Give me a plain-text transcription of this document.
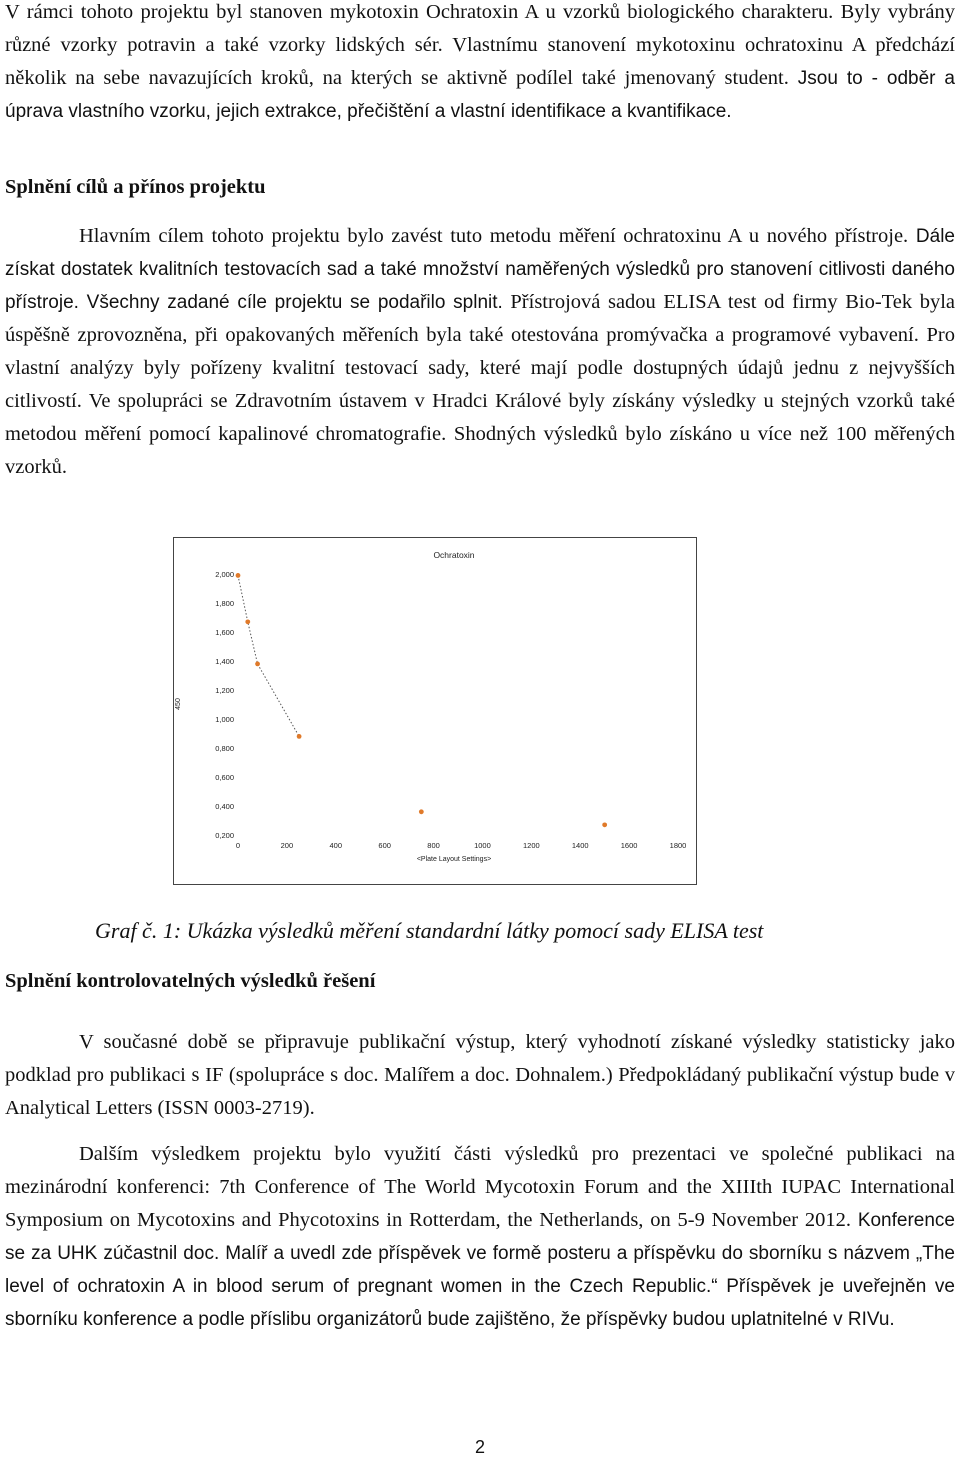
V rámci tohoto projektu byl stanoven mykotoxin Ochratoxin A u vzorků biologického charakteru. Byly vybrány různé vzorky potravin a také vzorky lidských sér. Vlastnímu stanovení mykotoxinu ochratoxinu A předchází několik na sebe navazujících kroků, na kterých se aktivně podílel také jmenovaný student. Jsou to - odběr a úprava vlastního vzorku, jejich extrakce, přečištění a vlastní identifikace a kvantifikace.

Splnění cílů a přínos projektu

Hlavním cílem tohoto projektu bylo zavést tuto metodu měření ochratoxinu A u nového přístroje. Dále získat dostatek kvalitních testovacích sad a také množství naměřených výsledků pro stanovení citlivosti daného přístroje. Všechny zadané cíle projektu se podařilo splnit. Přístrojová sadou ELISA test od firmy Bio-Tek byla úspěšně zprovozněna, při opakovaných měřeních byla také otestována promývačka a programové vybavení. Pro vlastní analýzy byly pořízeny kvalitní testovací sady, které mají podle dostupných údajů jednu z nejvyšších citlivostí. Ve spolupráci se Zdravotním ústavem v Hradci Králové byly získány výsledky u stejných vzorků také metodou měření pomocí kapalinové chromatografie. Shodných výsledků bylo získáno u více než 100 měřených vzorků.

Ochratoxin
2,000
1,800
1,600
1,400
1,200
1,000
0,800
0,600
0,400
0,200
0	200	400	600	800	1000	1200	1400	1600	1800
<Plate Layout Settings>
450

Graf č. 1: Ukázka výsledků měření standardní látky pomocí sady ELISA test

Splnění kontrolovatelných výsledků řešení

V současné době se připravuje publikační výstup, který vyhodnotí získané výsledky statisticky jako podklad pro publikaci s IF (spolupráce s doc. Malířem a doc. Dohnalem.) Předpokládaný publikační výstup bude v Analytical Letters (ISSN 0003-2719).

Dalším výsledkem projektu bylo využití části výsledků pro prezentaci ve společné publikaci na mezinárodní konferenci: 7th Conference of The World Mycotoxin Forum and the XIIIth IUPAC International Symposium on Mycotoxins and Phycotoxins in Rotterdam, the Netherlands, on 5-9 November 2012. Konference se za UHK zúčastnil doc. Malíř a uvedl zde příspěvek ve formě posteru a příspěvku do sborníku s názvem „The level of ochratoxin A in blood serum of pregnant women in the Czech Republic.“ Příspěvek je uveřejněn ve sborníku konference a podle příslibu organizátorů bude zajištěno, že příspěvky budou uplatnitelné v RIVu.

2
